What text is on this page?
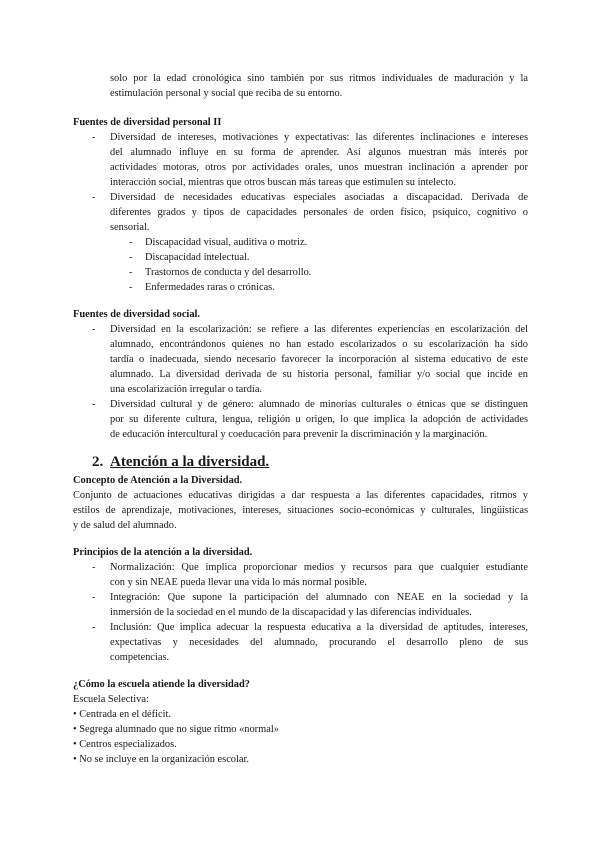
solo por la edad cronológica sino también por sus ritmos individuales de maduración y la
estimulación personal y social que reciba de su entorno.
Fuentes de diversidad personal II
- Diversidad de intereses, motivaciones y expectativas: las diferentes inclinaciones e intereses
del alumnado influye en su forma de aprender. Así algunos muestran más interés por
actividades motoras, otros por actividades orales, unos muestran inclinación a aprender por
interacción social, mientras que otros buscan más tareas que estimulen su intelecto.
- Diversidad de necesidades educativas especiales asociadas a discapacidad. Derivada de
diferentes grados y tipos de capacidades personales de orden físico, psíquico, cognitivo o
sensorial.
- Discapacidad visual, auditiva o motriz.
- Discapacidad intelectual.
- Trastornos de conducta y del desarrollo.
- Enfermedades raras o crónicas.
Fuentes de diversidad social.
- Diversidad en la escolarización: se refiere a las diferentes experiencias en escolarización del
alumnado, encontrándonos quienes no han estado escolarizados o su escolarización ha sido
tardía o inadecuada, siendo necesario favorecer la incorporación al sistema educativo de este
alumnado. La diversidad derivada de su historia personal, familiar y/o social que incide en
una escolarización irregular o tardía.
- Diversidad cultural y de género: alumnado de minorías culturales o étnicas que se distinguen
por su diferente cultura, lengua, religión u origen, lo que implica la adopción de actividades
de educación intercultural y coeducación para prevenir la discriminación y la marginación.
2. Atención a la diversidad.
Concepto de Atención a la Diversidad.
Conjunto de actuaciones educativas dirigidas a dar respuesta a las diferentes capacidades, ritmos y
estilos de aprendizaje, motivaciones, intereses, situaciones socio-económicas y culturales, lingüísticas
y de salud del alumnado.
Principios de la atención a la diversidad.
- Normalización: Que implica proporcionar medios y recursos para que cualquier estudiante
con y sin NEAE pueda llevar una vida lo más normal posible.
- Integración: Que supone la participación del alumnado con NEAE en la sociedad y la
inmersión de la sociedad en el mundo de la discapacidad y las diferencias individuales.
- Inclusión: Que implica adecuar la respuesta educativa a la diversidad de aptitudes, intereses,
expectativas y necesidades del alumnado, procurando el desarrollo pleno de sus
competencias.
¿Cómo la escuela atiende la diversidad?
Escuela Selectiva:
• Centrada en el déficit.
• Segrega alumnado que no sigue ritmo «normal»
• Centros especializados.
• No se incluye en la organización escolar.
